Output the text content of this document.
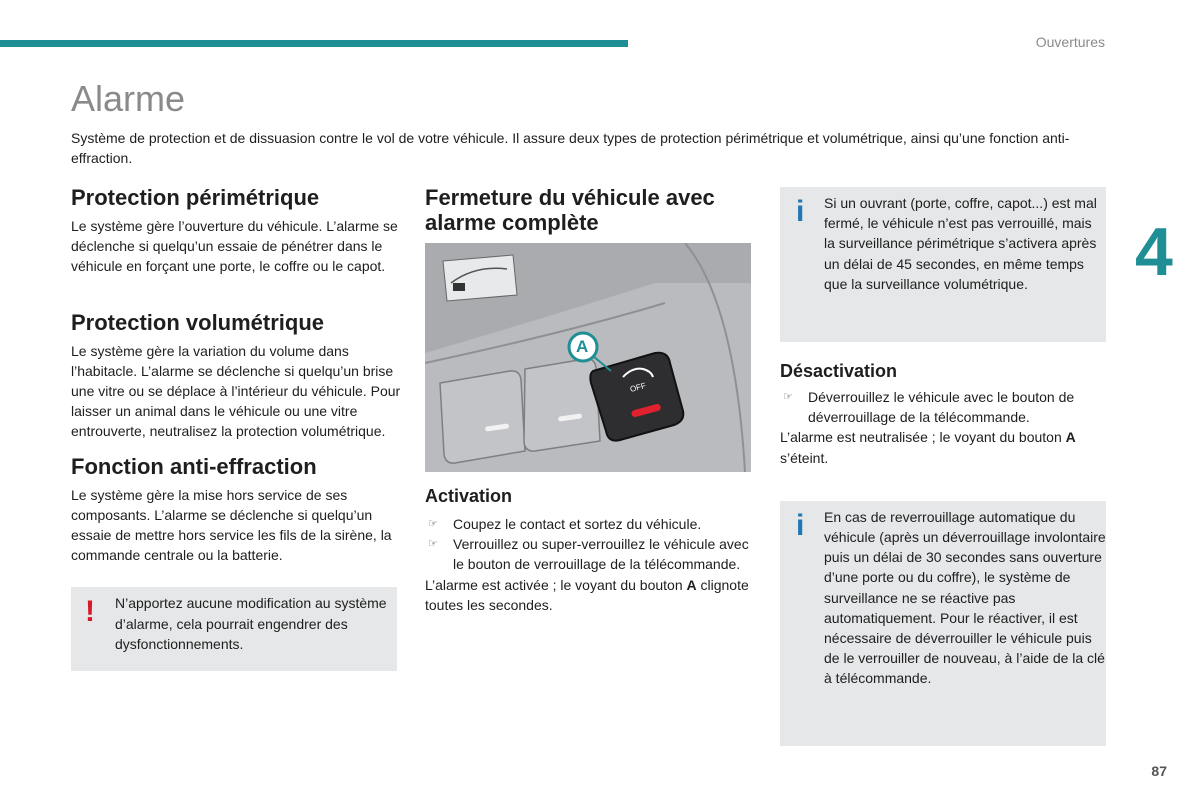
Ouvertures
4
87
Alarme

Système de protection et de dissuasion contre le vol de votre véhicule. Il assure deux types de protection périmétrique et volumétrique, ainsi qu’une fonction anti-effraction.

Protection périmétrique

Le système gère l’ouverture du véhicule. L’alarme se déclenche si quelqu’un essaie de pénétrer dans le véhicule en forçant une porte, le coffre ou le capot.

Protection volumétrique

Le système gère la variation du volume dans l’habitacle. L’alarme se déclenche si quelqu’un brise une vitre ou se déplace à l’intérieur du véhicule. Pour laisser un animal dans le véhicule ou une vitre entrouverte, neutralisez la protection volumétrique.

Fonction anti-effraction

Le système gère la mise hors service de ses composants. L’alarme se déclenche si quelqu’un essaie de mettre hors service les fils de la sirène, la commande centrale ou la batterie.

!	N’apportez aucune modification au système d’alarme, cela pourrait engendrer des dysfonctionnements.

Fermeture du véhicule avec alarme complète
A
OFF
Activation
☞ Coupez le contact et sortez du véhicule.
☞ Verrouillez ou super-verrouillez le véhicule avec le bouton de verrouillage de la télécommande.

L’alarme est activée ; le voyant du bouton A clignote toutes les secondes.

i	Si un ouvrant (porte, coffre, capot...) est mal fermé, le véhicule n’est pas verrouillé, mais la surveillance périmétrique s’activera après un délai de 45 secondes, en même temps que la surveillance volumétrique.

Désactivation
☞ Déverrouillez le véhicule avec le bouton de déverrouillage de la télécommande.

L’alarme est neutralisée ; le voyant du bouton A s’éteint.

i	En cas de reverrouillage automatique du véhicule (après un déverrouillage involontaire puis un délai de 30 secondes sans ouverture d’une porte ou du coffre), le système de surveillance ne se réactive pas automatiquement. Pour le réactiver, il est nécessaire de déverrouiller le véhicule puis de le verrouiller de nouveau, à l’aide de la clé à télécommande.
